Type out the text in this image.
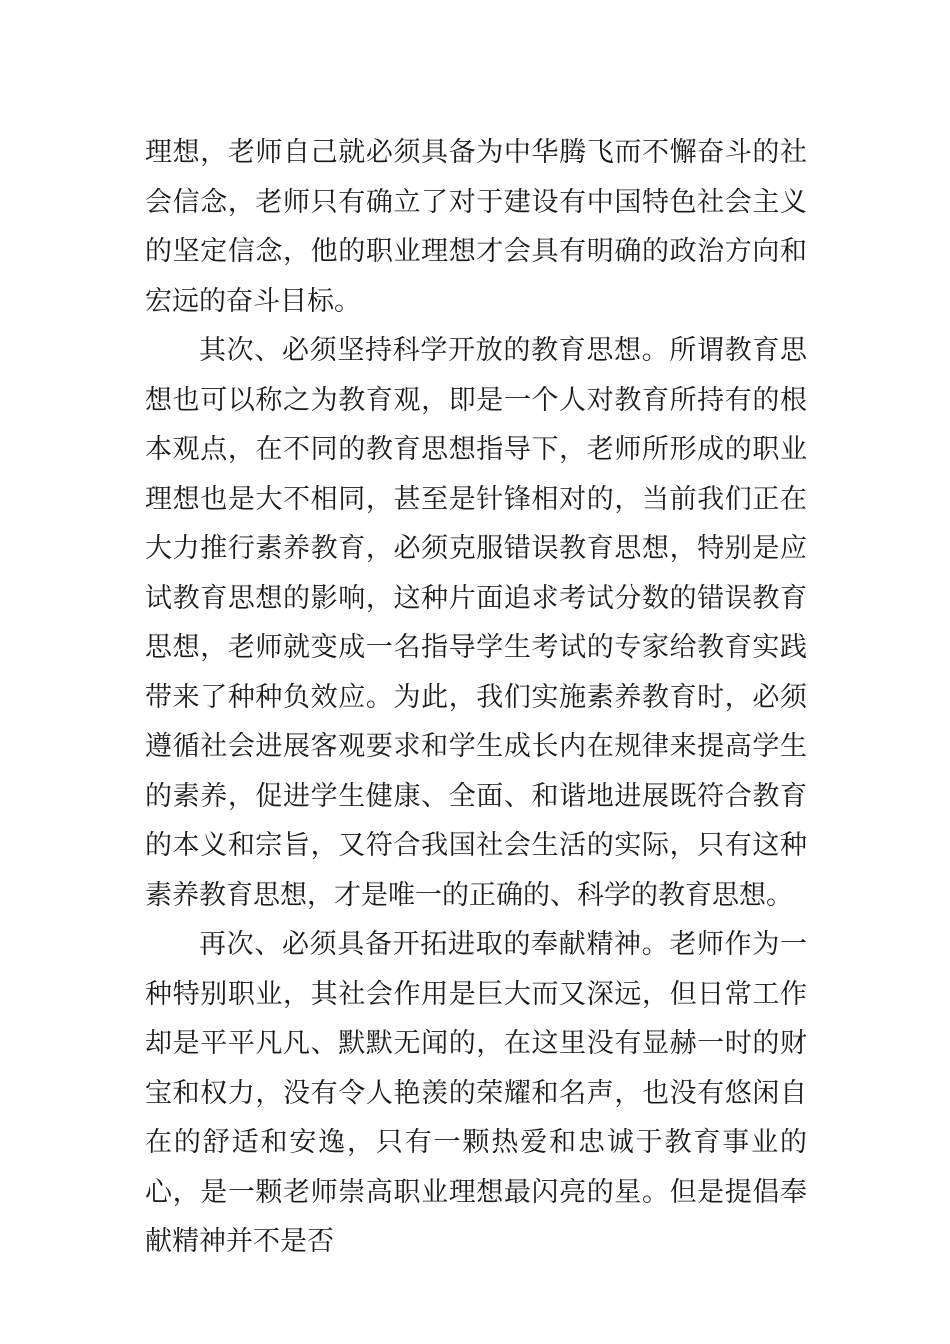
理想，老师自己就必须具备为中华腾飞而不懈奋斗的社会信念，老师只有确立了对于建设有中国特色社会主义的坚定信念，他的职业理想才会具有明确的政治方向和宏远的奋斗目标。

其次、必须坚持科学开放的教育思想。所谓教育思想也可以称之为教育观，即是一个人对教育所持有的根本观点，在不同的教育思想指导下，老师所形成的职业理想也是大不相同，甚至是针锋相对的，当前我们正在大力推行素养教育，必须克服错误教育思想，特别是应试教育思想的影响，这种片面追求考试分数的错误教育思想，老师就变成一名指导学生考试的专家给教育实践带来了种种负效应。为此，我们实施素养教育时，必须遵循社会进展客观要求和学生成长内在规律来提高学生的素养，促进学生健康、全面、和谐地进展既符合教育的本义和宗旨，又符合我国社会生活的实际，只有这种素养教育思想，才是唯一的正确的、科学的教育思想。

再次、必须具备开拓进取的奉献精神。老师作为一种特别职业，其社会作用是巨大而又深远，但日常工作却是平平凡凡、默默无闻的，在这里没有显赫一时的财宝和权力，没有令人艳羡的荣耀和名声，也没有悠闲自在的舒适和安逸，只有一颗热爱和忠诚于教育事业的心，是一颗老师崇高职业理想最闪亮的星。但是提倡奉献精神并不是否
